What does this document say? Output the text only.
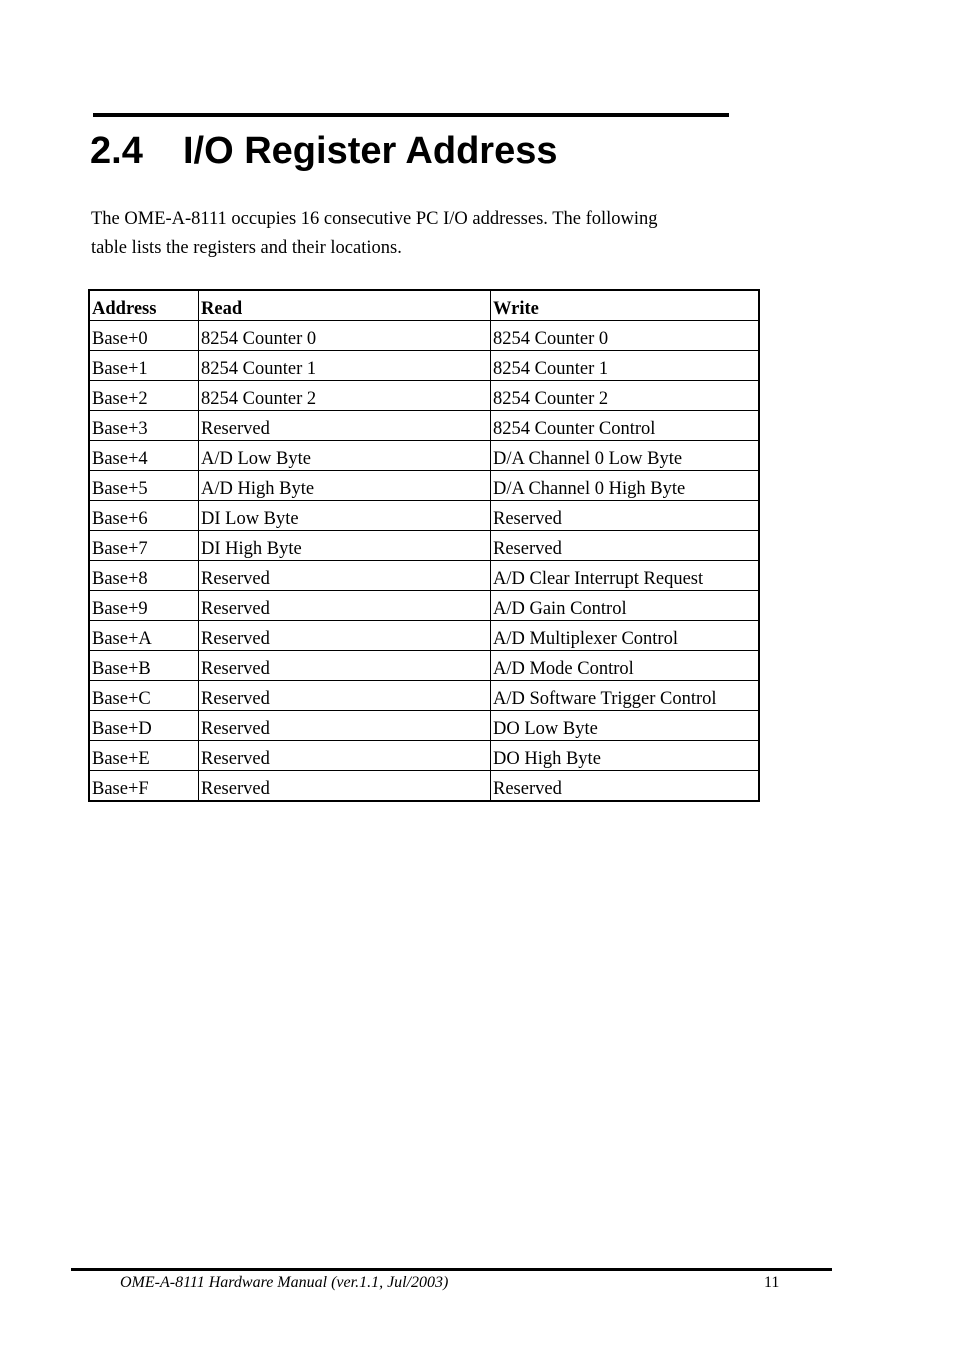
2.4 I/O Register Address

The OME-A-8111 occupies 16 consecutive PC I/O addresses. The following
table lists the registers and their locations.

Address	Read	Write
Base+0	8254 Counter 0	8254 Counter 0
Base+1	8254 Counter 1	8254 Counter 1
Base+2	8254 Counter 2	8254 Counter 2
Base+3	Reserved	8254 Counter Control
Base+4	A/D Low Byte	D/A Channel 0 Low Byte
Base+5	A/D High Byte	D/A Channel 0 High Byte
Base+6	DI Low Byte	Reserved
Base+7	DI High Byte	Reserved
Base+8	Reserved	A/D Clear Interrupt Request
Base+9	Reserved	A/D Gain Control
Base+A	Reserved	A/D Multiplexer Control
Base+B	Reserved	A/D Mode Control
Base+C	Reserved	A/D Software Trigger Control
Base+D	Reserved	DO Low Byte
Base+E	Reserved	DO High Byte
Base+F	Reserved	Reserved
OME-A-8111 Hardware Manual (ver.1.1, Jul/2003)	11
